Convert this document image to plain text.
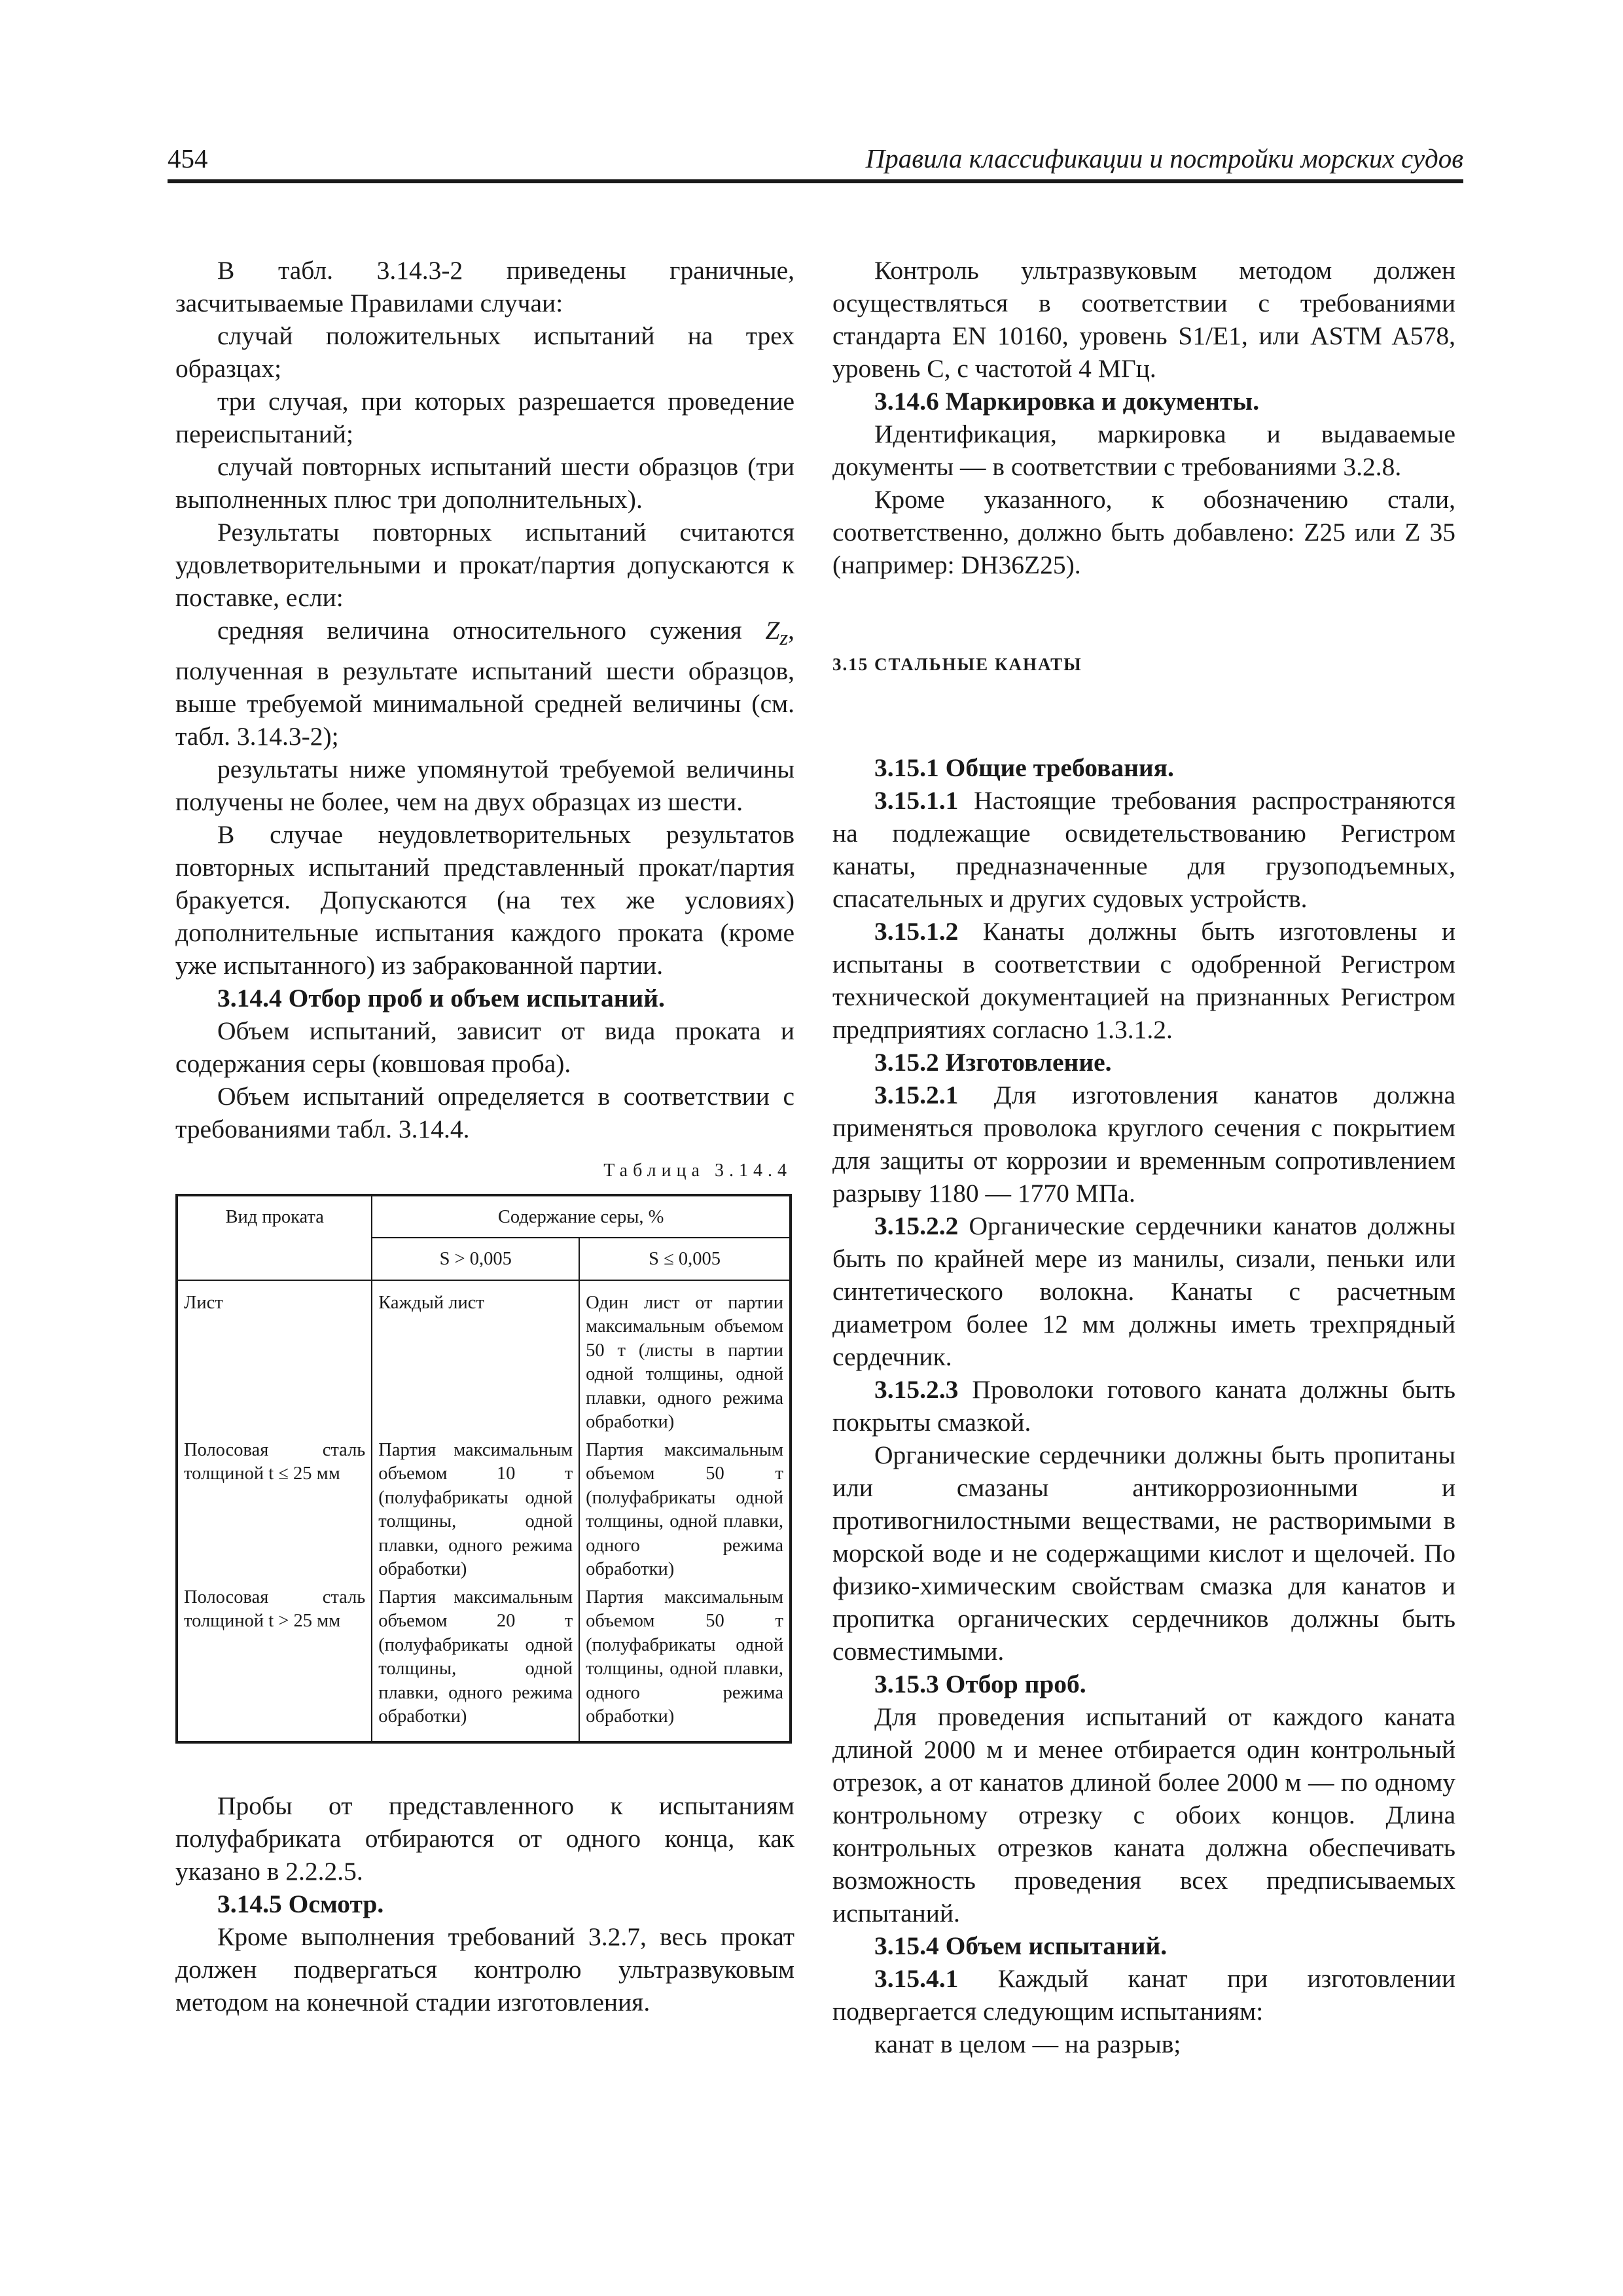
454	Правила классификации и постройки морских судов

В табл. 3.14.3-2 приведены граничные, засчитываемые Правилами случаи:

случай положительных испытаний на трех образцах;

три случая, при которых разрешается проведение переиспытаний;

случай повторных испытаний шести образцов (три выполненных плюс три дополнительных).

Результаты повторных испытаний считаются удовлетворительными и прокат/партия допускаются к поставке, если:

средняя величина относительного сужения $Z_z$, полученная в результате испытаний шести образцов, выше требуемой минимальной средней величины (см. табл. 3.14.3-2);

результаты ниже упомянутой требуемой величины получены не более, чем на двух образцах из шести.

В случае неудовлетворительных результатов повторных испытаний представленный прокат/партия бракуется. Допускаются (на тех же условиях) дополнительные испытания каждого проката (кроме уже испытанного) из забракованной партии.

3.14.4 Отбор проб и объем испытаний.

Объем испытаний, зависит от вида проката и содержания серы (ковшовая проба).

Объем испытаний определяется в соответствии с требованиями табл. 3.14.4.

Таблица 3.14.4
Вид проката	Содержание серы, %	
	S > 0,005	S ≤ 0,005
Лист	Каждый лист	Один лист от партии максимальным объемом 50 т (листы в партии одной толщины, одной плавки, одного режима обработки)
Полосовая сталь толщиной t ≤ 25 мм	Партия максимальным объемом 10 т (полуфабрикаты одной толщины, одной плавки, одного режима обработки)	Партия максимальным объемом 50 т (полуфабрикаты одной толщины, одной плавки, одного режима обработки)
Полосовая сталь толщиной t > 25 мм	Партия максимальным объемом 20 т (полуфабрикаты одной толщины, одной плавки, одного режима обработки)	Партия максимальным объемом 50 т (полуфабрикаты одной толщины, одной плавки, одного режима обработки)

Пробы от представленного к испытаниям полуфабриката отбираются от одного конца, как указано в 2.2.2.5.

3.14.5 Осмотр.

Кроме выполнения требований 3.2.7, весь прокат должен подвергаться контролю ультразвуковым методом на конечной стадии изготовления.

Контроль ультразвуковым методом должен осуществляться в соответствии с требованиями стандарта EN 10160, уровень S1/E1, или ASTM A578, уровень C, с частотой 4 МГц.

3.14.6 Маркировка и документы.

Идентификация, маркировка и выдаваемые документы — в соответствии с требованиями 3.2.8.

Кроме указанного, к обозначению стали, соответственно, должно быть добавлено: Z25 или Z 35 (например: DH36Z25).

3.15 СТАЛЬНЫЕ КАНАТЫ

3.15.1 Общие требования.

3.15.1.1 Настоящие требования распространяются на подлежащие освидетельствованию Регистром канаты, предназначенные для грузоподъемных, спасательных и других судовых устройств.

3.15.1.2 Канаты должны быть изготовлены и испытаны в соответствии с одобренной Регистром технической документацией на признанных Регистром предприятиях согласно 1.3.1.2.

3.15.2 Изготовление.

3.15.2.1 Для изготовления канатов должна применяться проволока круглого сечения с покрытием для защиты от коррозии и временным сопротивлением разрыву 1180 — 1770 МПа.

3.15.2.2 Органические сердечники канатов должны быть по крайней мере из манилы, сизали, пеньки или синтетического волокна. Канаты с расчетным диаметром более 12 мм должны иметь трехпрядный сердечник.

3.15.2.3 Проволоки готового каната должны быть покрыты смазкой.

Органические сердечники должны быть пропитаны или смазаны антикоррозионными и противогнилостными веществами, не растворимыми в морской воде и не содержащими кислот и щелочей. По физико-химическим свойствам смазка для канатов и пропитка органических сердечников должны быть совместимыми.

3.15.3 Отбор проб.

Для проведения испытаний от каждого каната длиной 2000 м и менее отбирается один контрольный отрезок, а от канатов длиной более 2000 м — по одному контрольному отрезку с обоих концов. Длина контрольных отрезков каната должна обеспечивать возможность проведения всех предписываемых испытаний.

3.15.4 Объем испытаний.

3.15.4.1 Каждый канат при изготовлении подвергается следующим испытаниям:

канат в целом — на разрыв;
